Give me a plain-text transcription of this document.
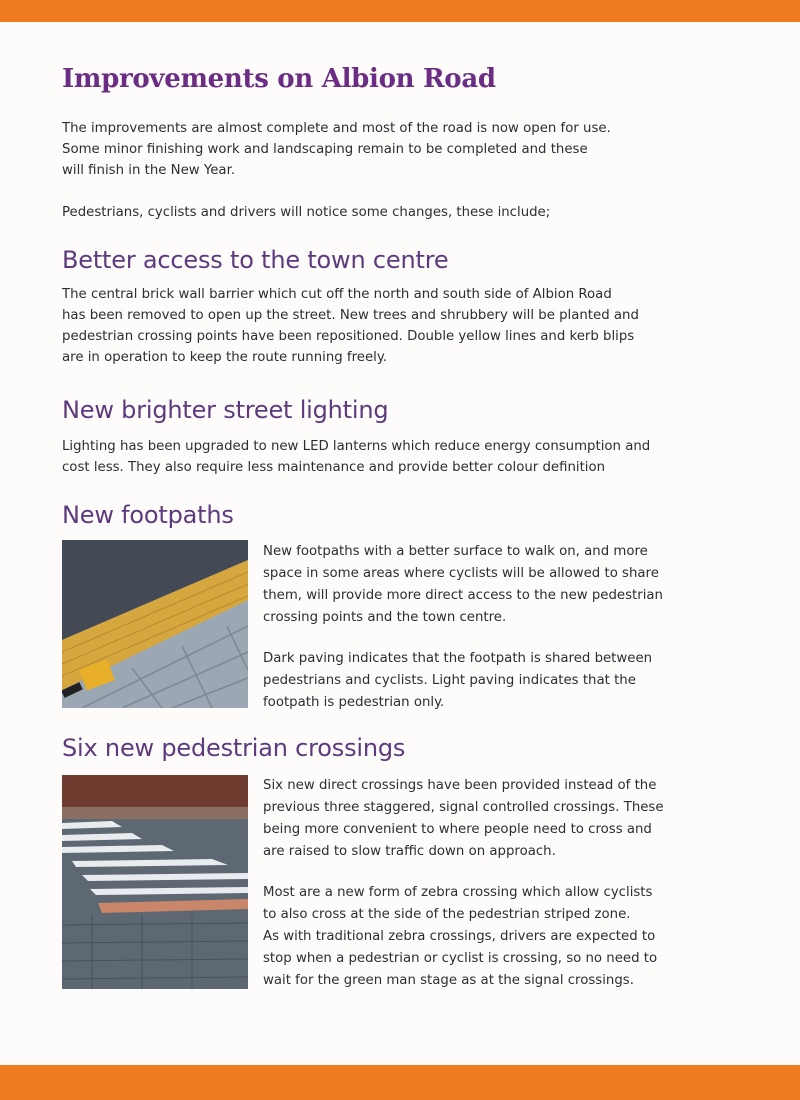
Improvements on Albion Road

The improvements are almost complete and most of the road is now open for use.
Some minor finishing work and landscaping remain to be completed and these
will finish in the New Year.

Pedestrians, cyclists and drivers will notice some changes, these include;

Better access to the town centre

The central brick wall barrier which cut off the north and south side of Albion Road
has been removed to open up the street. New trees and shrubbery will be planted and
pedestrian crossing points have been repositioned. Double yellow lines and kerb blips
are in operation to keep the route running freely.

New brighter street lighting

Lighting has been upgraded to new LED lanterns which reduce energy consumption and
cost less. They also require less maintenance and provide better colour definition

New footpaths

New footpaths with a better surface to walk on, and more
space in some areas where cyclists will be allowed to share
them, will provide more direct access to the new pedestrian
crossing points and the town centre.

Dark paving indicates that the footpath is shared between
pedestrians and cyclists. Light paving indicates that the
footpath is pedestrian only.

Six new pedestrian crossings

Six new direct crossings have been provided instead of the
previous three staggered, signal controlled crossings. These
being more convenient to where people need to cross and
are raised to slow traffic down on approach.

Most are a new form of zebra crossing which allow cyclists
to also cross at the side of the pedestrian striped zone.
As with traditional zebra crossings, drivers are expected to
stop when a pedestrian or cyclist is crossing, so no need to
wait for the green man stage as at the signal crossings.
